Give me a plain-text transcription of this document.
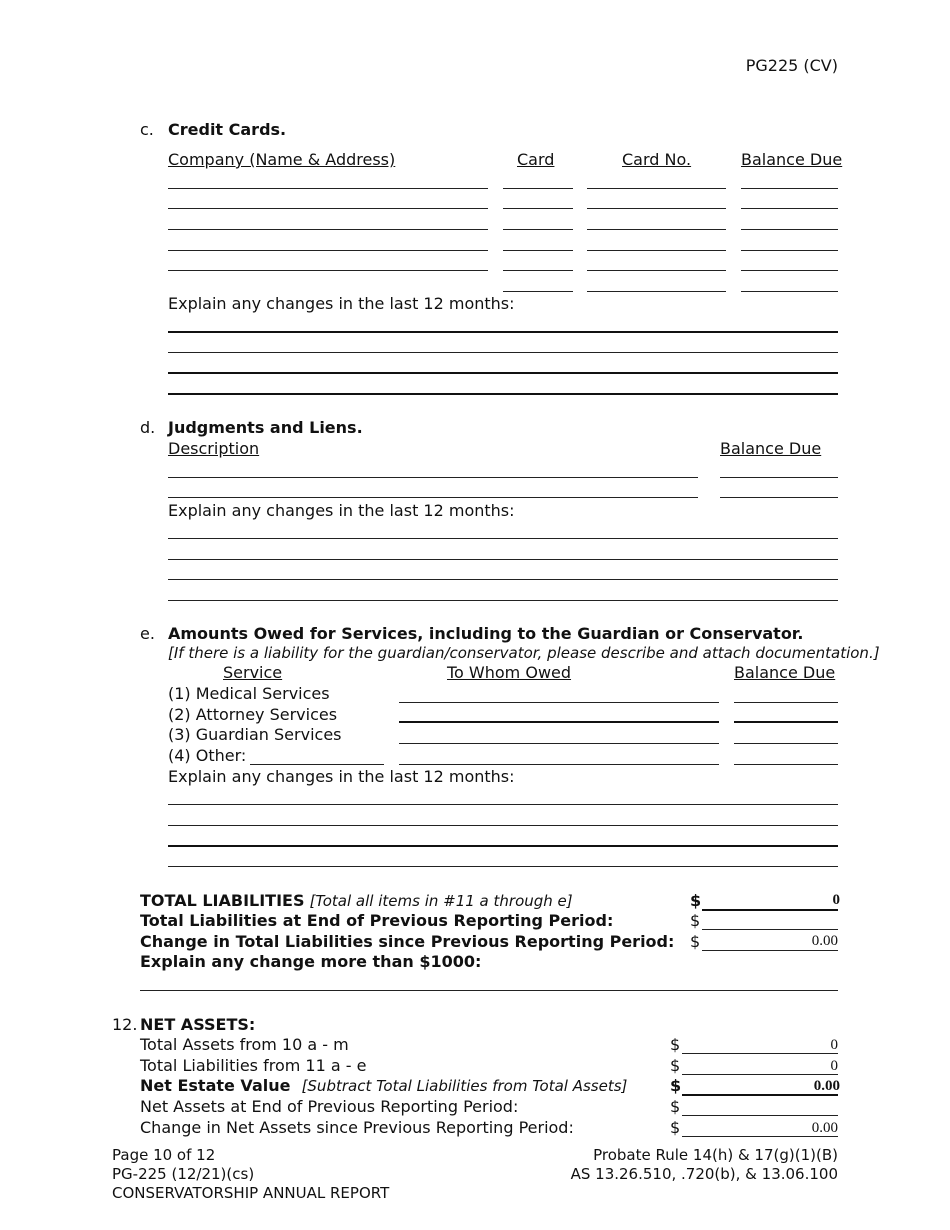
PG225 (CV)
c. Credit Cards.
Company (Name & Address)	Card	Card No.	Balance Due
Explain any changes in the last 12 months:
d. Judgments and Liens.
Description	Balance Due
Explain any changes in the last 12 months:
e. Amounts Owed for Services, including to the Guardian or Conservator.
[If there is a liability for the guardian/conservator, please describe and attach documentation.]
Service	To Whom Owed	Balance Due
(1) Medical Services
(2) Attorney Services
(3) Guardian Services
(4) Other:
Explain any changes in the last 12 months:
TOTAL LIABILITIES [Total all items in #11 a through e]	$	0
Total Liabilities at End of Previous Reporting Period:	$
Change in Total Liabilities since Previous Reporting Period: $	0.00
Explain any change more than $1000:
12. NET ASSETS:
Total Assets from 10 a - m	$	0
Total Liabilities from 11 a - e	$	0
Net Estate Value [Subtract Total Liabilities from Total Assets]	$	0.00
Net Assets at End of Previous Reporting Period:	$
Change in Net Assets since Previous Reporting Period:	$	0.00
Page 10 of 12
PG-225 (12/21)(cs)
CONSERVATORSHIP ANNUAL REPORT
Probate Rule 14(h) & 17(g)(1)(B)
AS 13.26.510, .720(b), & 13.06.100
